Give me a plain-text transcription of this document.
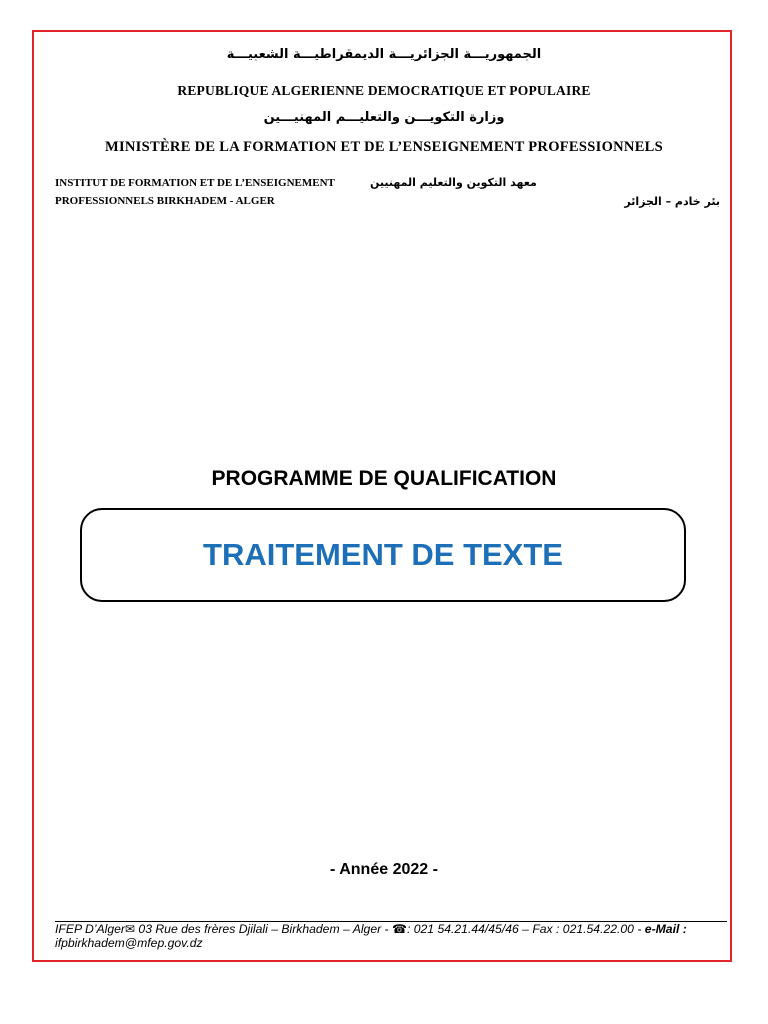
الجمهوريـــة الجزائريـــة الديمقراطيـــة الشعبيـــة
REPUBLIQUE ALGERIENNE DEMOCRATIQUE ET POPULAIRE
وزارة التكويـــن والتعليـــم المهنيـــين
MINISTÈRE DE LA FORMATION ET DE L’ENSEIGNEMENT PROFESSIONNELS
INSTITUT DE FORMATION ET DE L’ENSEIGNEMENT
PROFESSIONNELS BIRKHADEM - ALGER
معهد التكوين والتعليم المهنيين
بئر خادم – الجزائر
PROGRAMME DE QUALIFICATION
TRAITEMENT DE TEXTE
- Année 2022 -
IFEP D’Alger✉ 03 Rue des frères Djilali – Birkhadem – Alger - ☎: 021 54.21.44/45/46 – Fax : 021.54.22.00 - e-Mail : ifpbirkhadem@mfep.gov.dz
